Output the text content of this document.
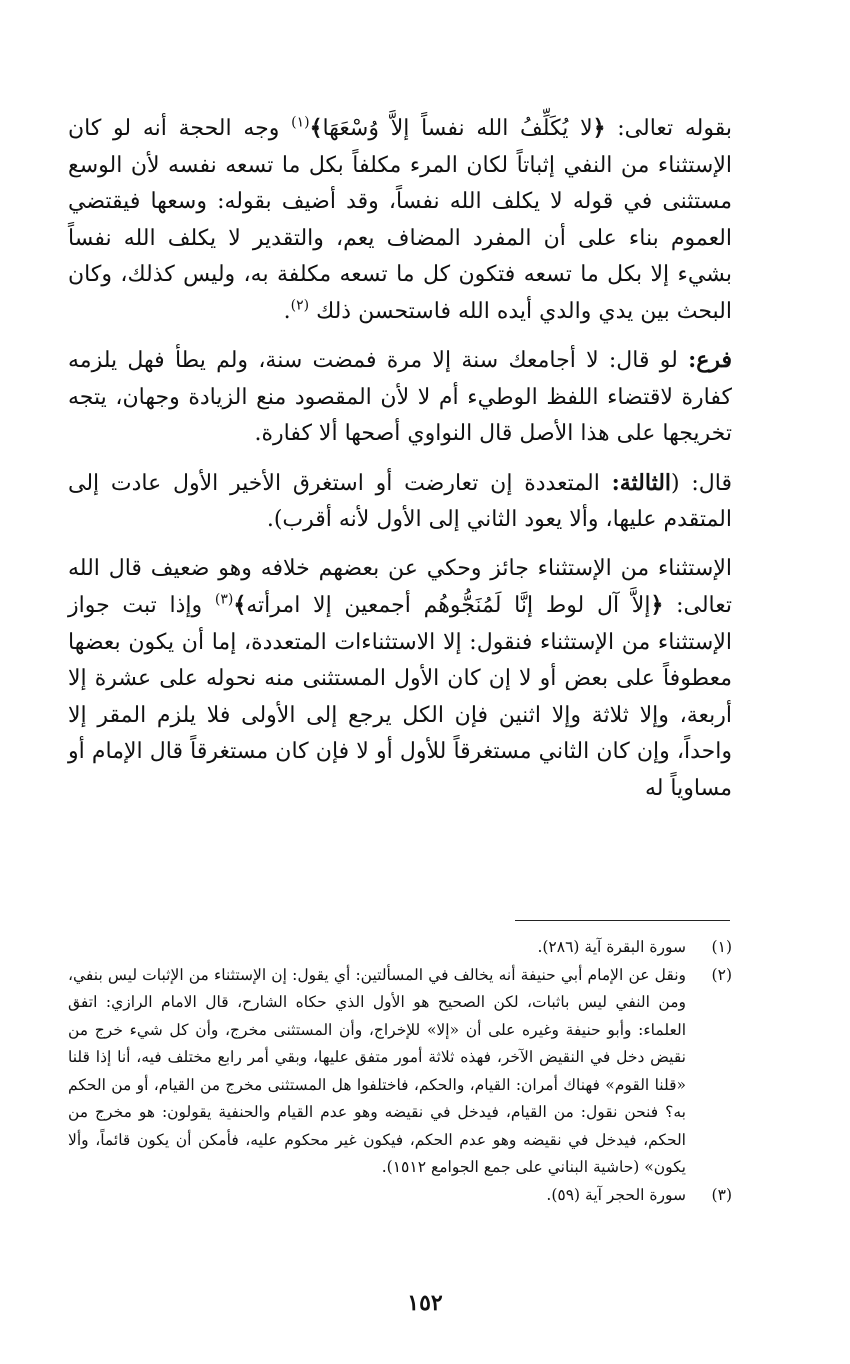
بقوله تعالى: ﴿لا يُكَلِّفُ الله نفساً إلاَّ وُسْعَهَا﴾$^{(١)}$ وجه الحجة أنه لو كان الإستثناء من النفي إثباتاً لكان المرء مكلفاً بكل ما تسعه نفسه لأن الوسع مستثنى في قوله لا يكلف الله نفساً، وقد أضيف بقوله: وسعها فيقتضي العموم بناء على أن المفرد المضاف يعم، والتقدير لا يكلف الله نفساً بشيء إلا بكل ما تسعه فتكون كل ما تسعه مكلفة به، وليس كذلك، وكان البحث بين يدي والدي أيده الله فاستحسن ذلك $^{(٢)}$.

فرع: لو قال: لا أجامعك سنة إلا مرة فمضت سنة، ولم يطأ فهل يلزمه كفارة لاقتضاء اللفظ الوطيء أم لا لأن المقصود منع الزيادة وجهان، يتجه تخريجها على هذا الأصل قال النواوي أصحها ألا كفارة.

قال: (الثالثة: المتعددة إن تعارضت أو استغرق الأخير الأول عادت إلى المتقدم عليها، وألا يعود الثاني إلى الأول لأنه أقرب).

الإستثناء من الإستثناء جائز وحكي عن بعضهم خلافه وهو ضعيف قال الله تعالى: ﴿إلاَّ آل لوط إنَّا لَمُنَجُّوهُم أجمعين إلا امرأته﴾$^{(٣)}$ وإذا تبت جواز الإستثناء من الإستثناء فنقول: إلا الاستثناءات المتعددة، إما أن يكون بعضها معطوفاً على بعض أو لا إن كان الأول المستثنى منه نحوله على عشرة إلا أربعة، وإلا ثلاثة وإلا اثنين فإن الكل يرجع إلى الأولى فلا يلزم المقر إلا واحداً، وإن كان الثاني مستغرقاً للأول أو لا فإن كان مستغرقاً قال الإمام أو مساوياً له

(١)
سورة البقرة آية (٢٨٦).
(٢)
ونقل عن الإمام أبي حنيفة أنه يخالف في المسألتين: أي يقول: إن الإستثناء من الإثبات ليس بنفي، ومن النفي ليس باثبات، لكن الصحيح هو الأول الذي حكاه الشارح، قال الامام الرازي: اتفق العلماء: وأبو حنيفة وغيره على أن «إلا» للإخراج، وأن المستثنى مخرج، وأن كل شيء خرج من نقيض دخل في النقيض الآخر، فهذه ثلاثة أمور متفق عليها، وبقي أمر رابع مختلف فيه، أنا إذا قلنا «قلنا القوم» فهناك أمران: القيام، والحكم، فاختلفوا هل المستثنى مخرج من القيام، أو من الحكم به؟ فنحن نقول: من القيام، فيدخل في نقيضه وهو عدم القيام والحنفية يقولون: هو مخرج من الحكم، فيدخل في نقيضه وهو عدم الحكم، فيكون غير محكوم عليه، فأمكن أن يكون قائماً، وألا يكون» (حاشية البناني على جمع الجوامع ١٥١٢).
(٣)
سورة الحجر آية (٥٩).
١٥٢
